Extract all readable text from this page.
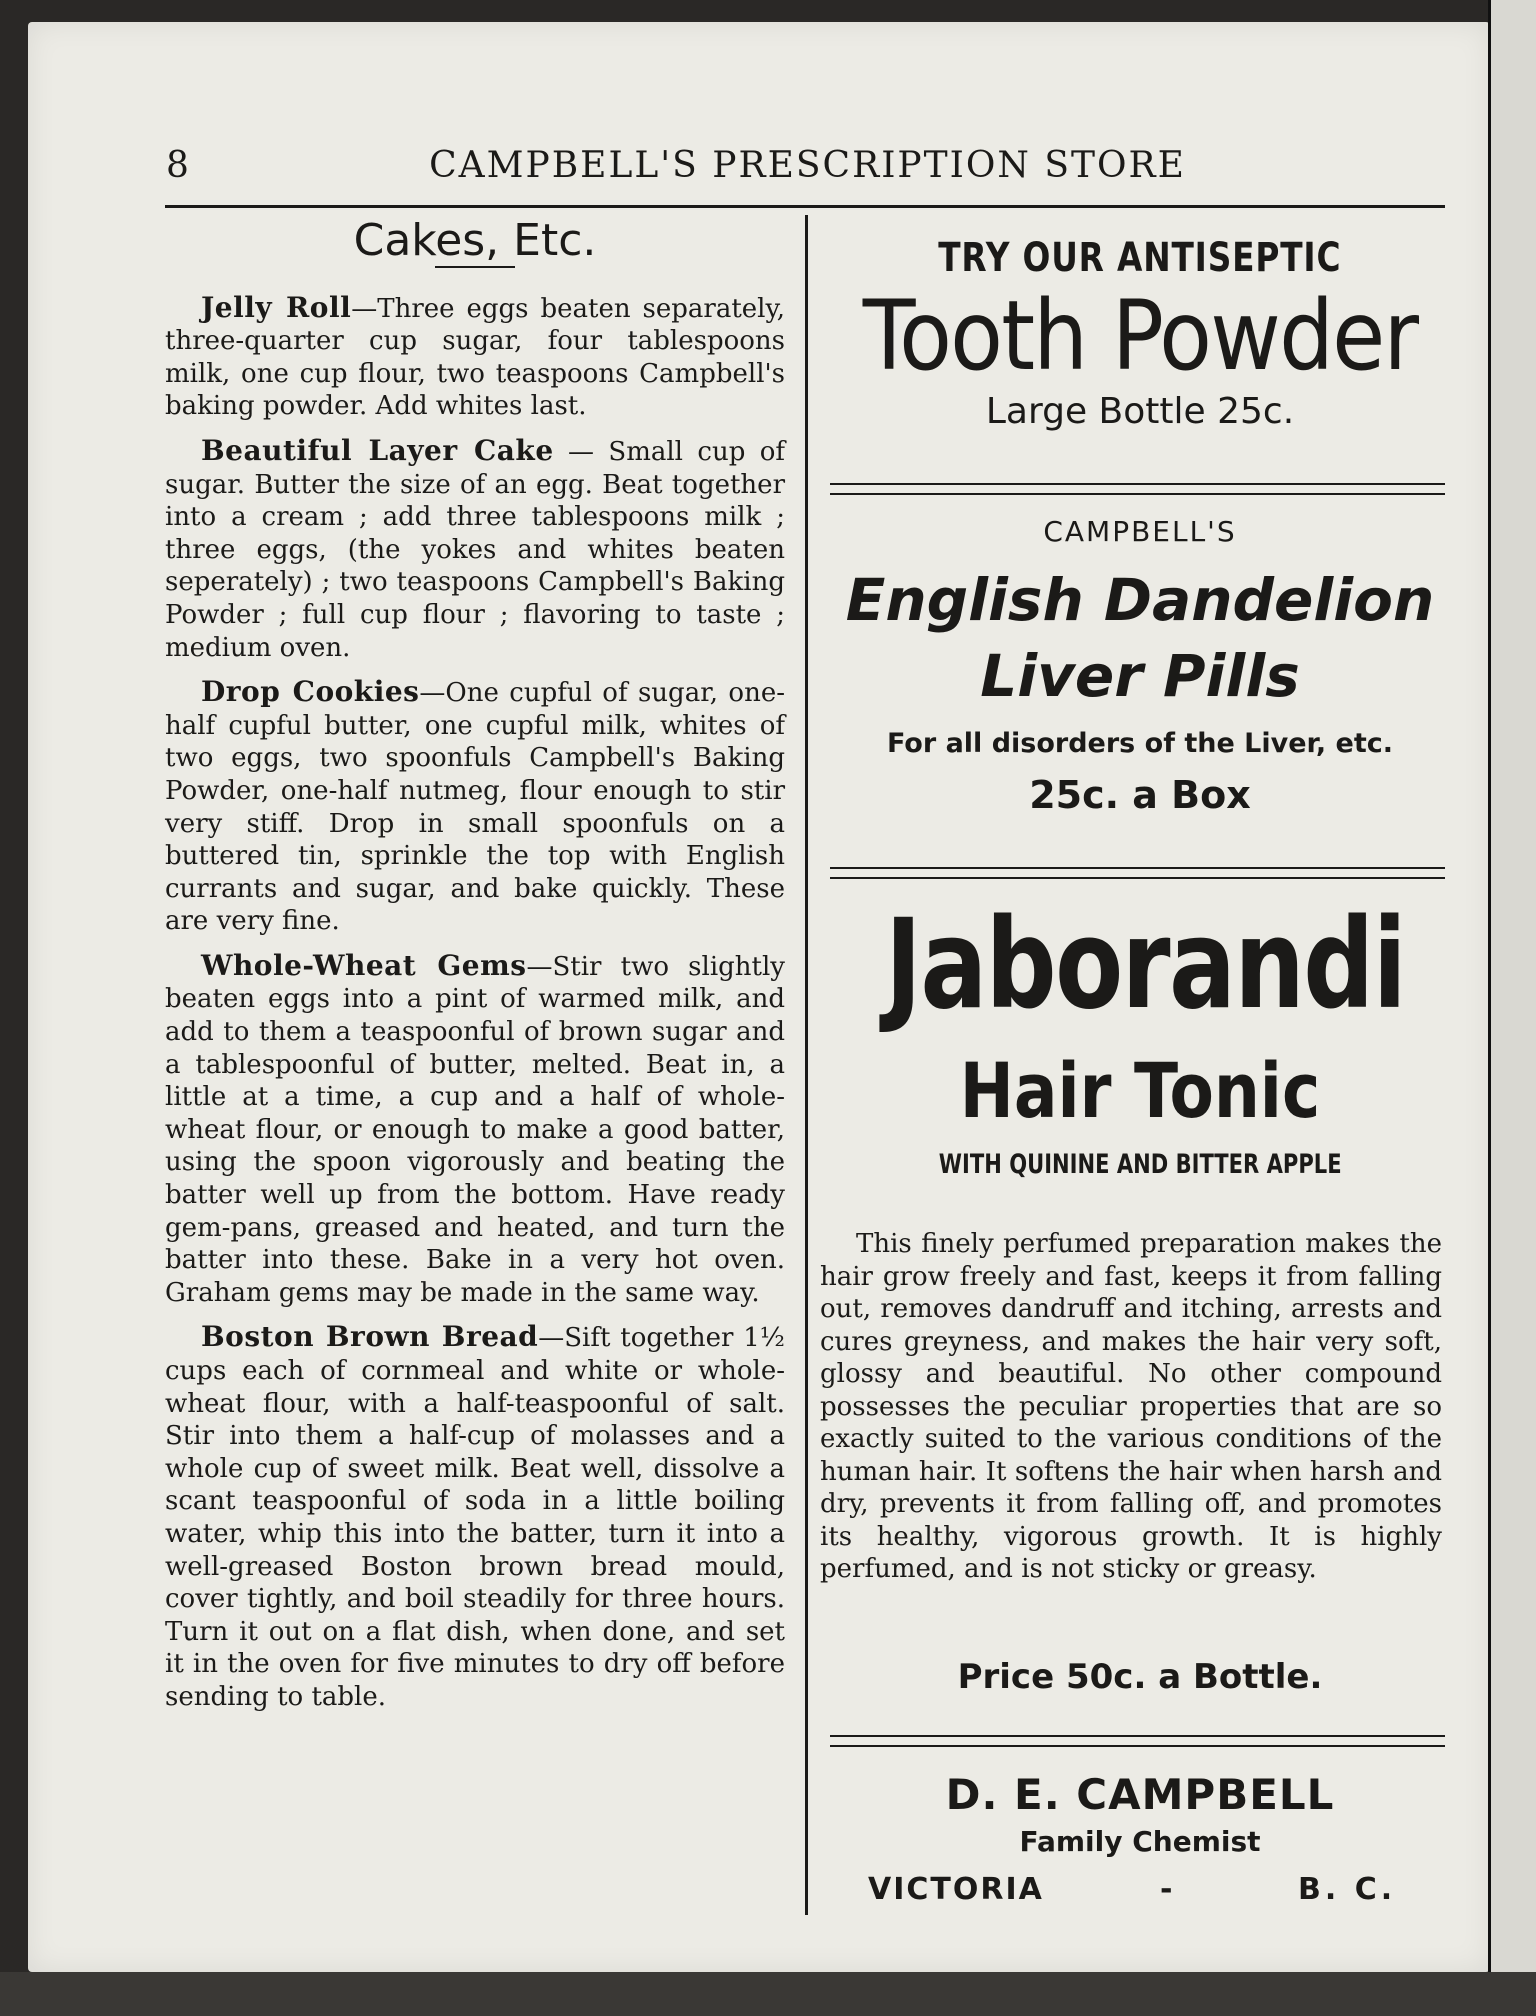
8	CAMPBELL'S PRESCRIPTION STORE
Cakes, Etc.

Jelly Roll—Three eggs beaten separately, three-quarter cup sugar, four tablespoons milk, one cup flour, two teaspoons Campbell's baking powder. Add whites last.

Beautiful Layer Cake — Small cup of sugar. Butter the size of an egg. Beat together into a cream ; add three tablespoons milk ; three eggs, (the yokes and whites beaten seperately) ; two teaspoons Campbell's Baking Powder ; full cup flour ; flavoring to taste ; medium oven.

Drop Cookies—One cupful of sugar, one-half cupful butter, one cupful milk, whites of two eggs, two spoonfuls Campbell's Baking Powder, one-half nutmeg, flour enough to stir very stiff. Drop in small spoonfuls on a buttered tin, sprinkle the top with English currants and sugar, and bake quickly. These are very fine.

Whole-Wheat Gems—Stir two slightly beaten eggs into a pint of warmed milk, and add to them a teaspoonful of brown sugar and a tablespoonful of butter, melted. Beat in, a little at a time, a cup and a half of whole-wheat flour, or enough to make a good batter, using the spoon vigorously and beating the batter well up from the bottom. Have ready gem-pans, greased and heated, and turn the batter into these. Bake in a very hot oven. Graham gems may be made in the same way.

Boston Brown Bread—Sift together 1½ cups each of cornmeal and white or whole-wheat flour, with a half-teaspoonful of salt. Stir into them a half-cup of molasses and a whole cup of sweet milk. Beat well, dissolve a scant teaspoonful of soda in a little boiling water, whip this into the batter, turn it into a well-greased Boston brown bread mould, cover tightly, and boil steadily for three hours. Turn it out on a flat dish, when done, and set it in the oven for five minutes to dry off before sending to table.

TRY OUR ANTISEPTIC
Tooth Powder
Large Bottle 25c.
CAMPBELL'S
English Dandelion
Liver Pills
For all disorders of the Liver, etc.
25c. a Box
Jaborandi
Hair Tonic
WITH QUININE AND BITTER APPLE
This finely perfumed preparation makes the hair grow freely and fast, keeps it from falling out, removes dandruff and itching, arrests and cures greyness, and makes the hair very soft, glossy and beautiful. No other compound possesses the peculiar properties that are so exactly suited to the various conditions of the human hair. It softens the hair when harsh and dry, prevents it from falling off, and promotes its healthy, vigorous growth. It is highly perfumed, and is not sticky or greasy.
Price 50c. a Bottle.
D. E. CAMPBELL
Family Chemist
VICTORIA	-	B. C.
